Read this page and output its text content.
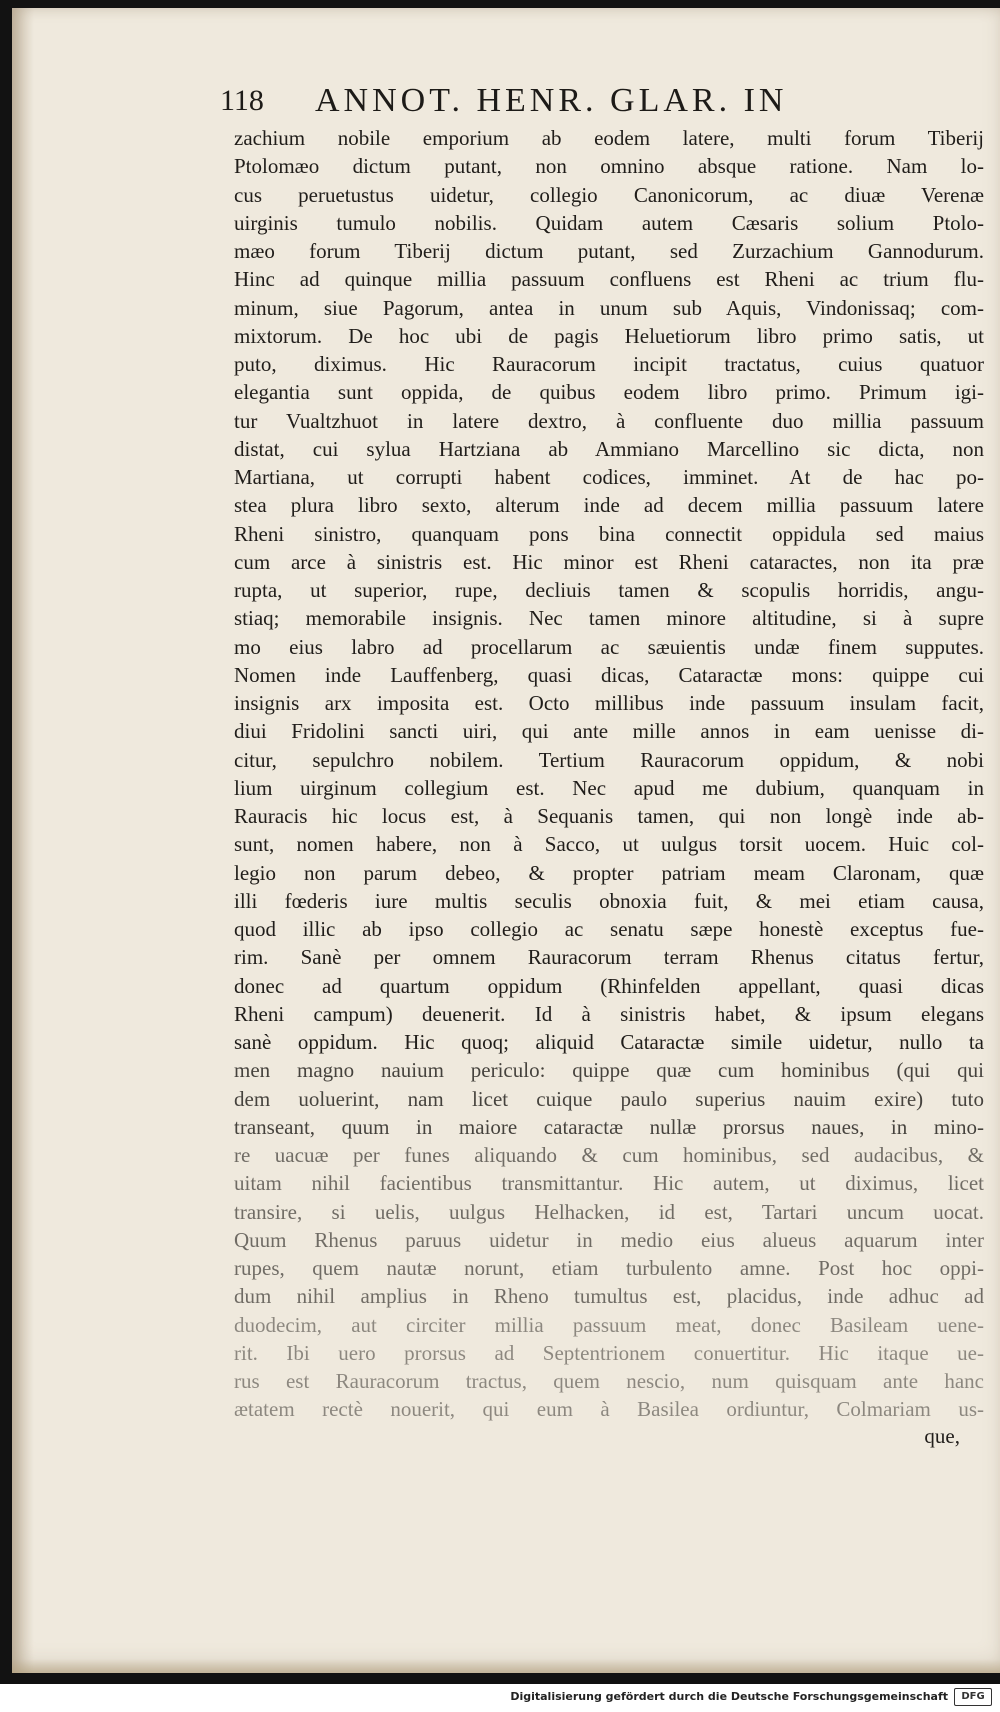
118 ANNOT. HENR. GLAR. IN
zachium nobile emporium ab eodem latere, multi forum Tiberij
Ptolomæo dictum putant, non omnino absque ratione. Nam lo-
cus peruetustus uidetur, collegio Canonicorum, ac diuæ Verenæ
uirginis tumulo nobilis. Quidam autem Cæsaris solium Ptolo-
mæo forum Tiberij dictum putant, sed Zurzachium Gannodurum.
Hinc ad quinque millia passuum confluens est Rheni ac trium flu-
minum, siue Pagorum, antea in unum sub Aquis, Vindonissaq; com-
mixtorum. De hoc ubi de pagis Heluetiorum libro primo satis, ut
puto, diximus. Hic Rauracorum incipit tractatus, cuius quatuor
elegantia sunt oppida, de quibus eodem libro primo. Primum igi-
tur Vualtzhuot in latere dextro, à confluente duo millia passuum
distat, cui sylua Hartziana ab Ammiano Marcellino sic dicta, non
Martiana, ut corrupti habent codices, imminet. At de hac po-
stea plura libro sexto, alterum inde ad decem millia passuum latere
Rheni sinistro, quanquam pons bina connectit oppidula sed maius
cum arce à sinistris est. Hic minor est Rheni cataractes, non ita præ
rupta, ut superior, rupe, decliuis tamen & scopulis horridis, angu-
stiaq; memorabile insignis. Nec tamen minore altitudine, si à supre
mo eius labro ad procellarum ac sæuientis undæ finem supputes.
Nomen inde Lauffenberg, quasi dicas, Cataractæ mons: quippe cui
insignis arx imposita est. Octo millibus inde passuum insulam facit,
diui Fridolini sancti uiri, qui ante mille annos in eam uenisse di-
citur, sepulchro nobilem. Tertium Rauracorum oppidum, & nobi
lium uirginum collegium est. Nec apud me dubium, quanquam in
Rauracis hic locus est, à Sequanis tamen, qui non longè inde ab-
sunt, nomen habere, non à Sacco, ut uulgus torsit uocem. Huic col-
legio non parum debeo, & propter patriam meam Claronam, quæ
illi fœderis iure multis seculis obnoxia fuit, & mei etiam causa,
quod illic ab ipso collegio ac senatu sæpe honestè exceptus fue-
rim. Sanè per omnem Rauracorum terram Rhenus citatus fertur,
donec ad quartum oppidum (Rhinfelden appellant, quasi dicas
Rheni campum) deuenerit. Id à sinistris habet, & ipsum elegans
sanè oppidum. Hic quoq; aliquid Cataractæ simile uidetur, nullo ta
men magno nauium periculo: quippe quæ cum hominibus (qui qui
dem uoluerint, nam licet cuique paulo superius nauim exire) tuto
transeant, quum in maiore cataractæ nullæ prorsus naues, in mino-
re uacuæ per funes aliquando & cum hominibus, sed audacibus, &
uitam nihil facientibus transmittantur. Hic autem, ut diximus, licet
transire, si uelis, uulgus Helhacken, id est, Tartari uncum uocat.
Quum Rhenus paruus uidetur in medio eius alueus aquarum inter
rupes, quem nautæ norunt, etiam turbulento amne. Post hoc oppi-
dum nihil amplius in Rheno tumultus est, placidus, inde adhuc ad
duodecim, aut circiter millia passuum meat, donec Basileam uene-
rit. Ibi uero prorsus ad Septentrionem conuertitur. Hic itaque ue-
rus est Rauracorum tractus, quem nescio, num quisquam ante hanc
ætatem rectè nouerit, qui eum à Basilea ordiuntur, Colmariam us-
que,
Digitalisierung gefördert durch die Deutsche Forschungsgemeinschaft	DFG
